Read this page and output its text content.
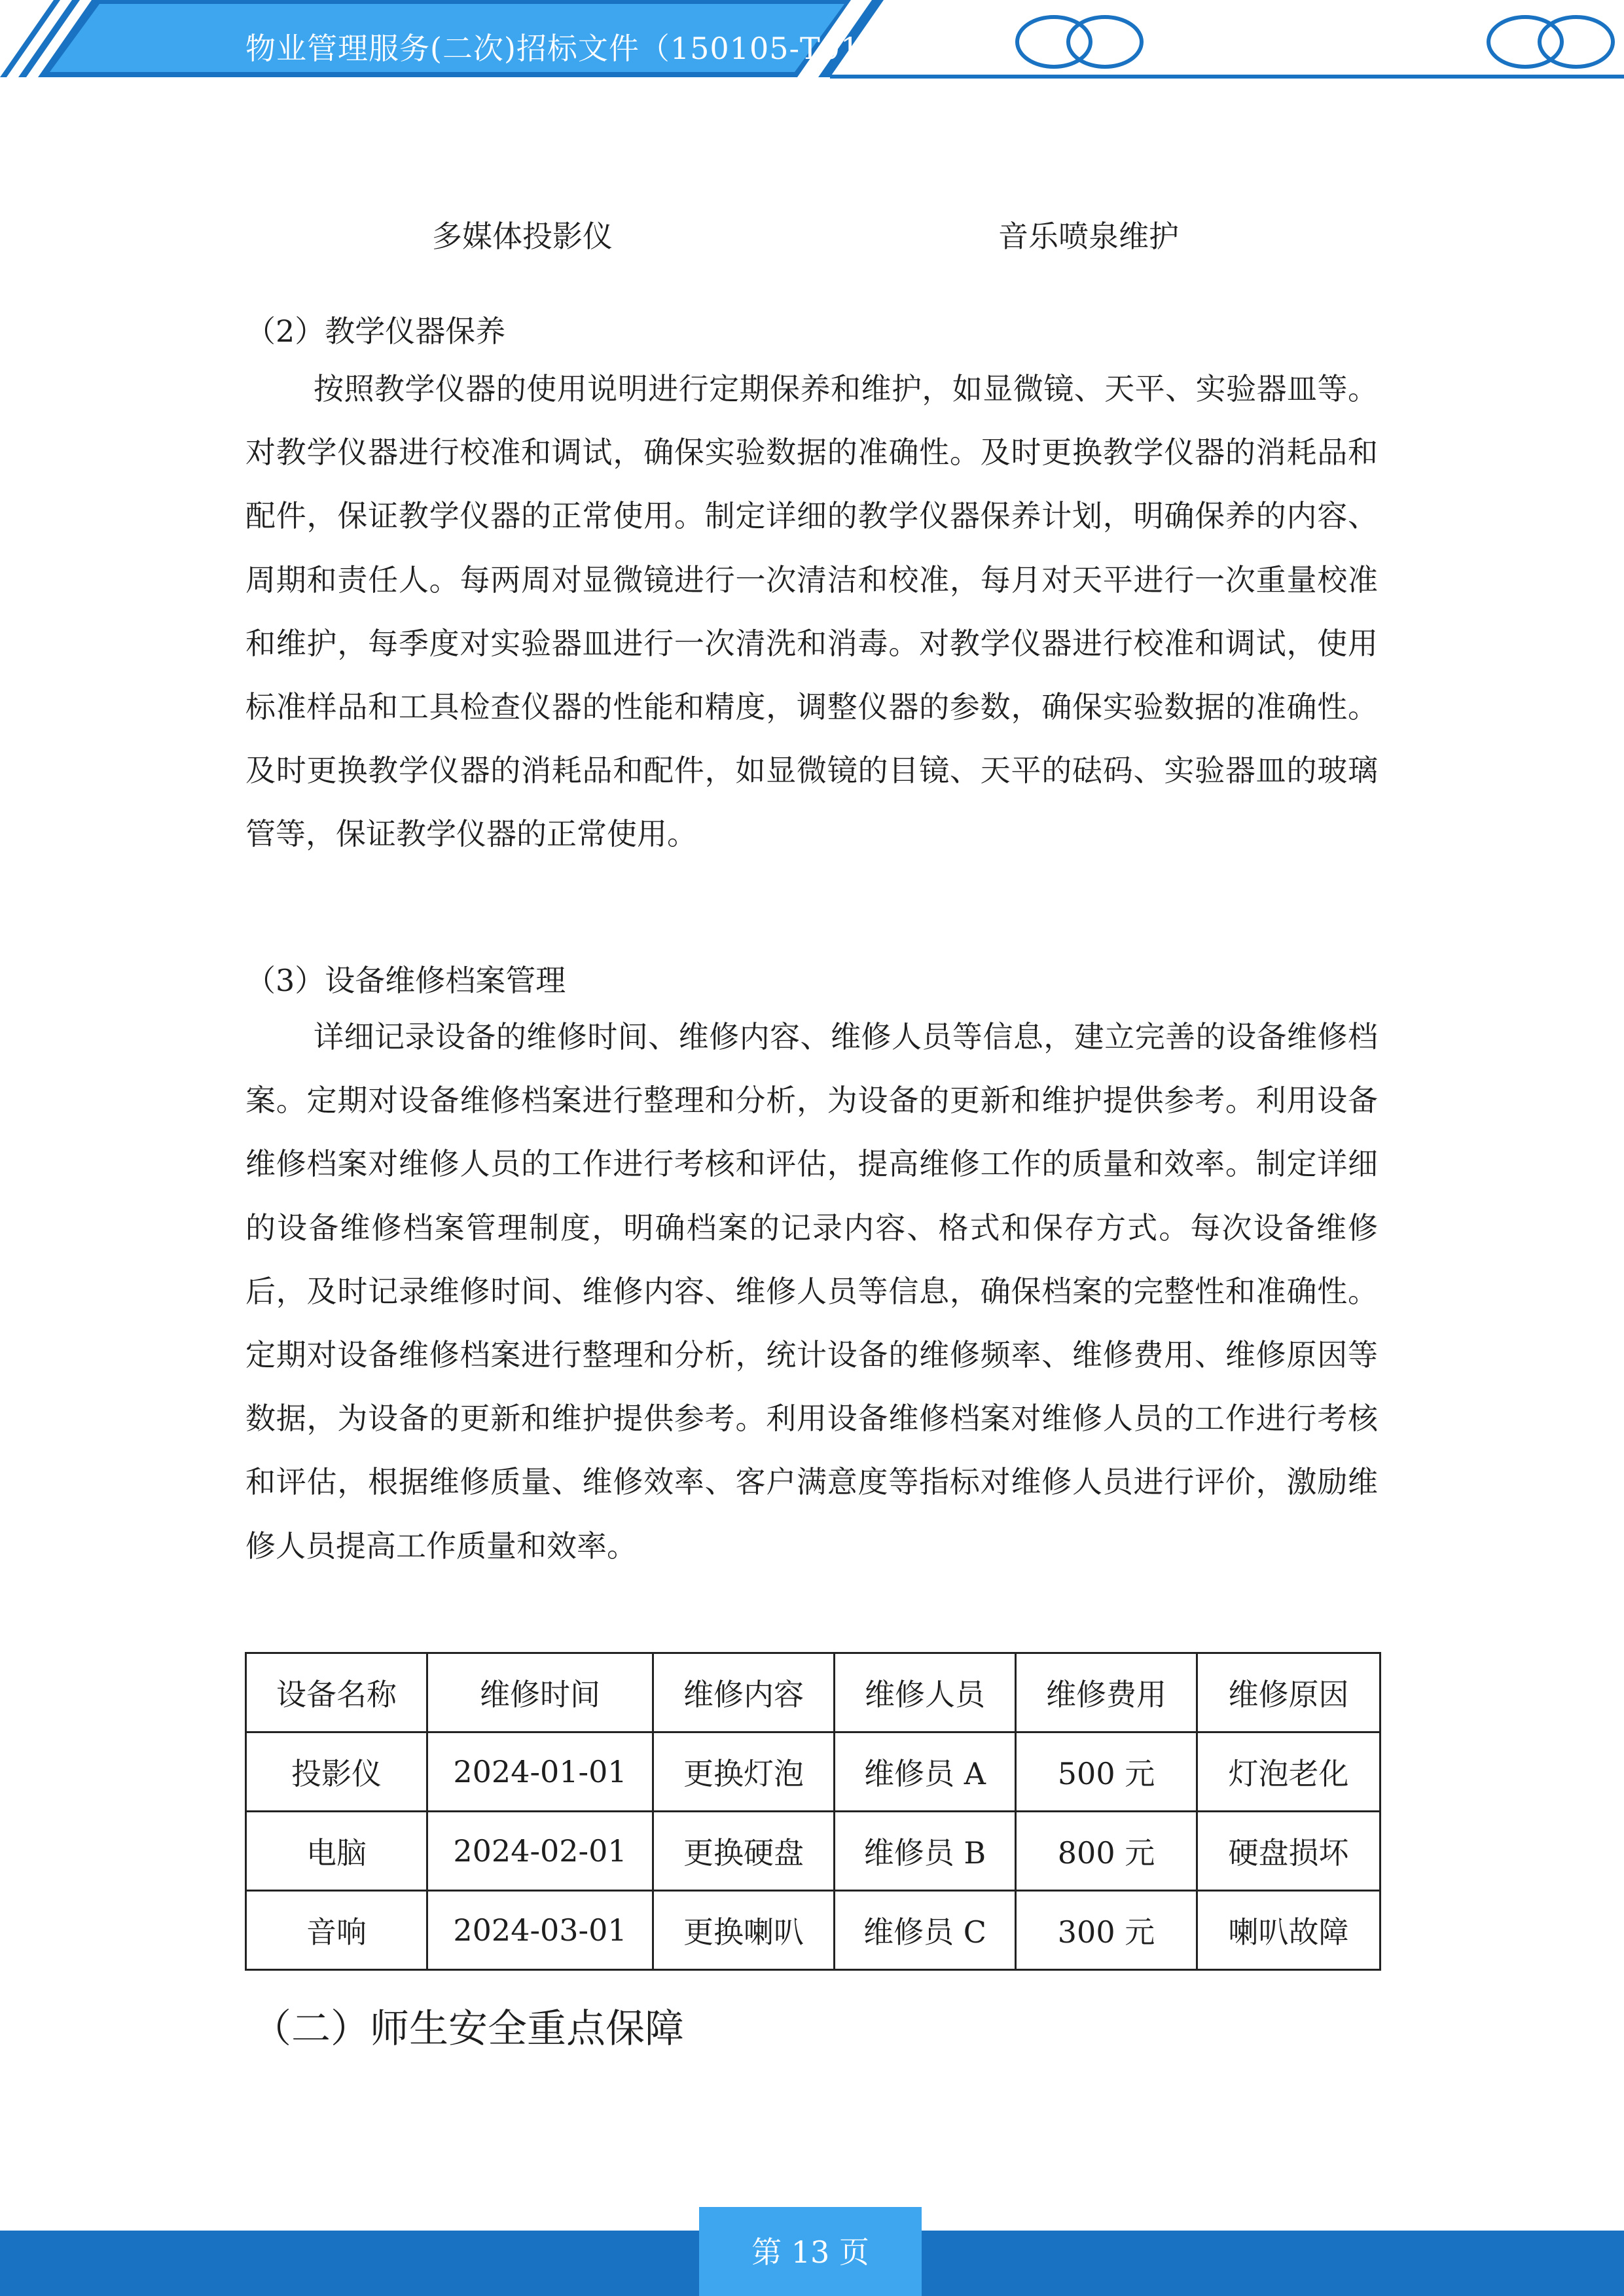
物业管理服务(二次)招标文件（150105-T01
多媒体投影仪	音乐喷泉维护
（2）教学仪器保养

按照教学仪器的使用说明进行定期保养和维护，如显微镜、天平、实验器皿等。对教学仪器进行校准和调试，确保实验数据的准确性。及时更换教学仪器的消耗品和配件，保证教学仪器的正常使用。制定详细的教学仪器保养计划，明确保养的内容、周期和责任人。每两周对显微镜进行一次清洁和校准，每月对天平进行一次重量校准和维护，每季度对实验器皿进行一次清洗和消毒。对教学仪器进行校准和调试，使用标准样品和工具检查仪器的性能和精度，调整仪器的参数，确保实验数据的准确性。及时更换教学仪器的消耗品和配件，如显微镜的目镜、天平的砝码、实验器皿的玻璃管等，保证教学仪器的正常使用。

（3）设备维修档案管理

详细记录设备的维修时间、维修内容、维修人员等信息，建立完善的设备维修档案。定期对设备维修档案进行整理和分析，为设备的更新和维护提供参考。利用设备维修档案对维修人员的工作进行考核和评估，提高维修工作的质量和效率。制定详细的设备维修档案管理制度，明确档案的记录内容、格式和保存方式。每次设备维修后，及时记录维修时间、维修内容、维修人员等信息，确保档案的完整性和准确性。定期对设备维修档案进行整理和分析，统计设备的维修频率、维修费用、维修原因等数据，为设备的更新和维护提供参考。利用设备维修档案对维修人员的工作进行考核和评估，根据维修质量、维修效率、客户满意度等指标对维修人员进行评价，激励维修人员提高工作质量和效率。

设备名称	维修时间	维修内容	维修人员	维修费用	维修原因
投影仪	2024-01-01	更换灯泡	维修员 A	500 元	灯泡老化
电脑	2024-02-01	更换硬盘	维修员 B	800 元	硬盘损坏
音响	2024-03-01	更换喇叭	维修员 C	300 元	喇叭故障
（二）师生安全重点保障
第 13 页
